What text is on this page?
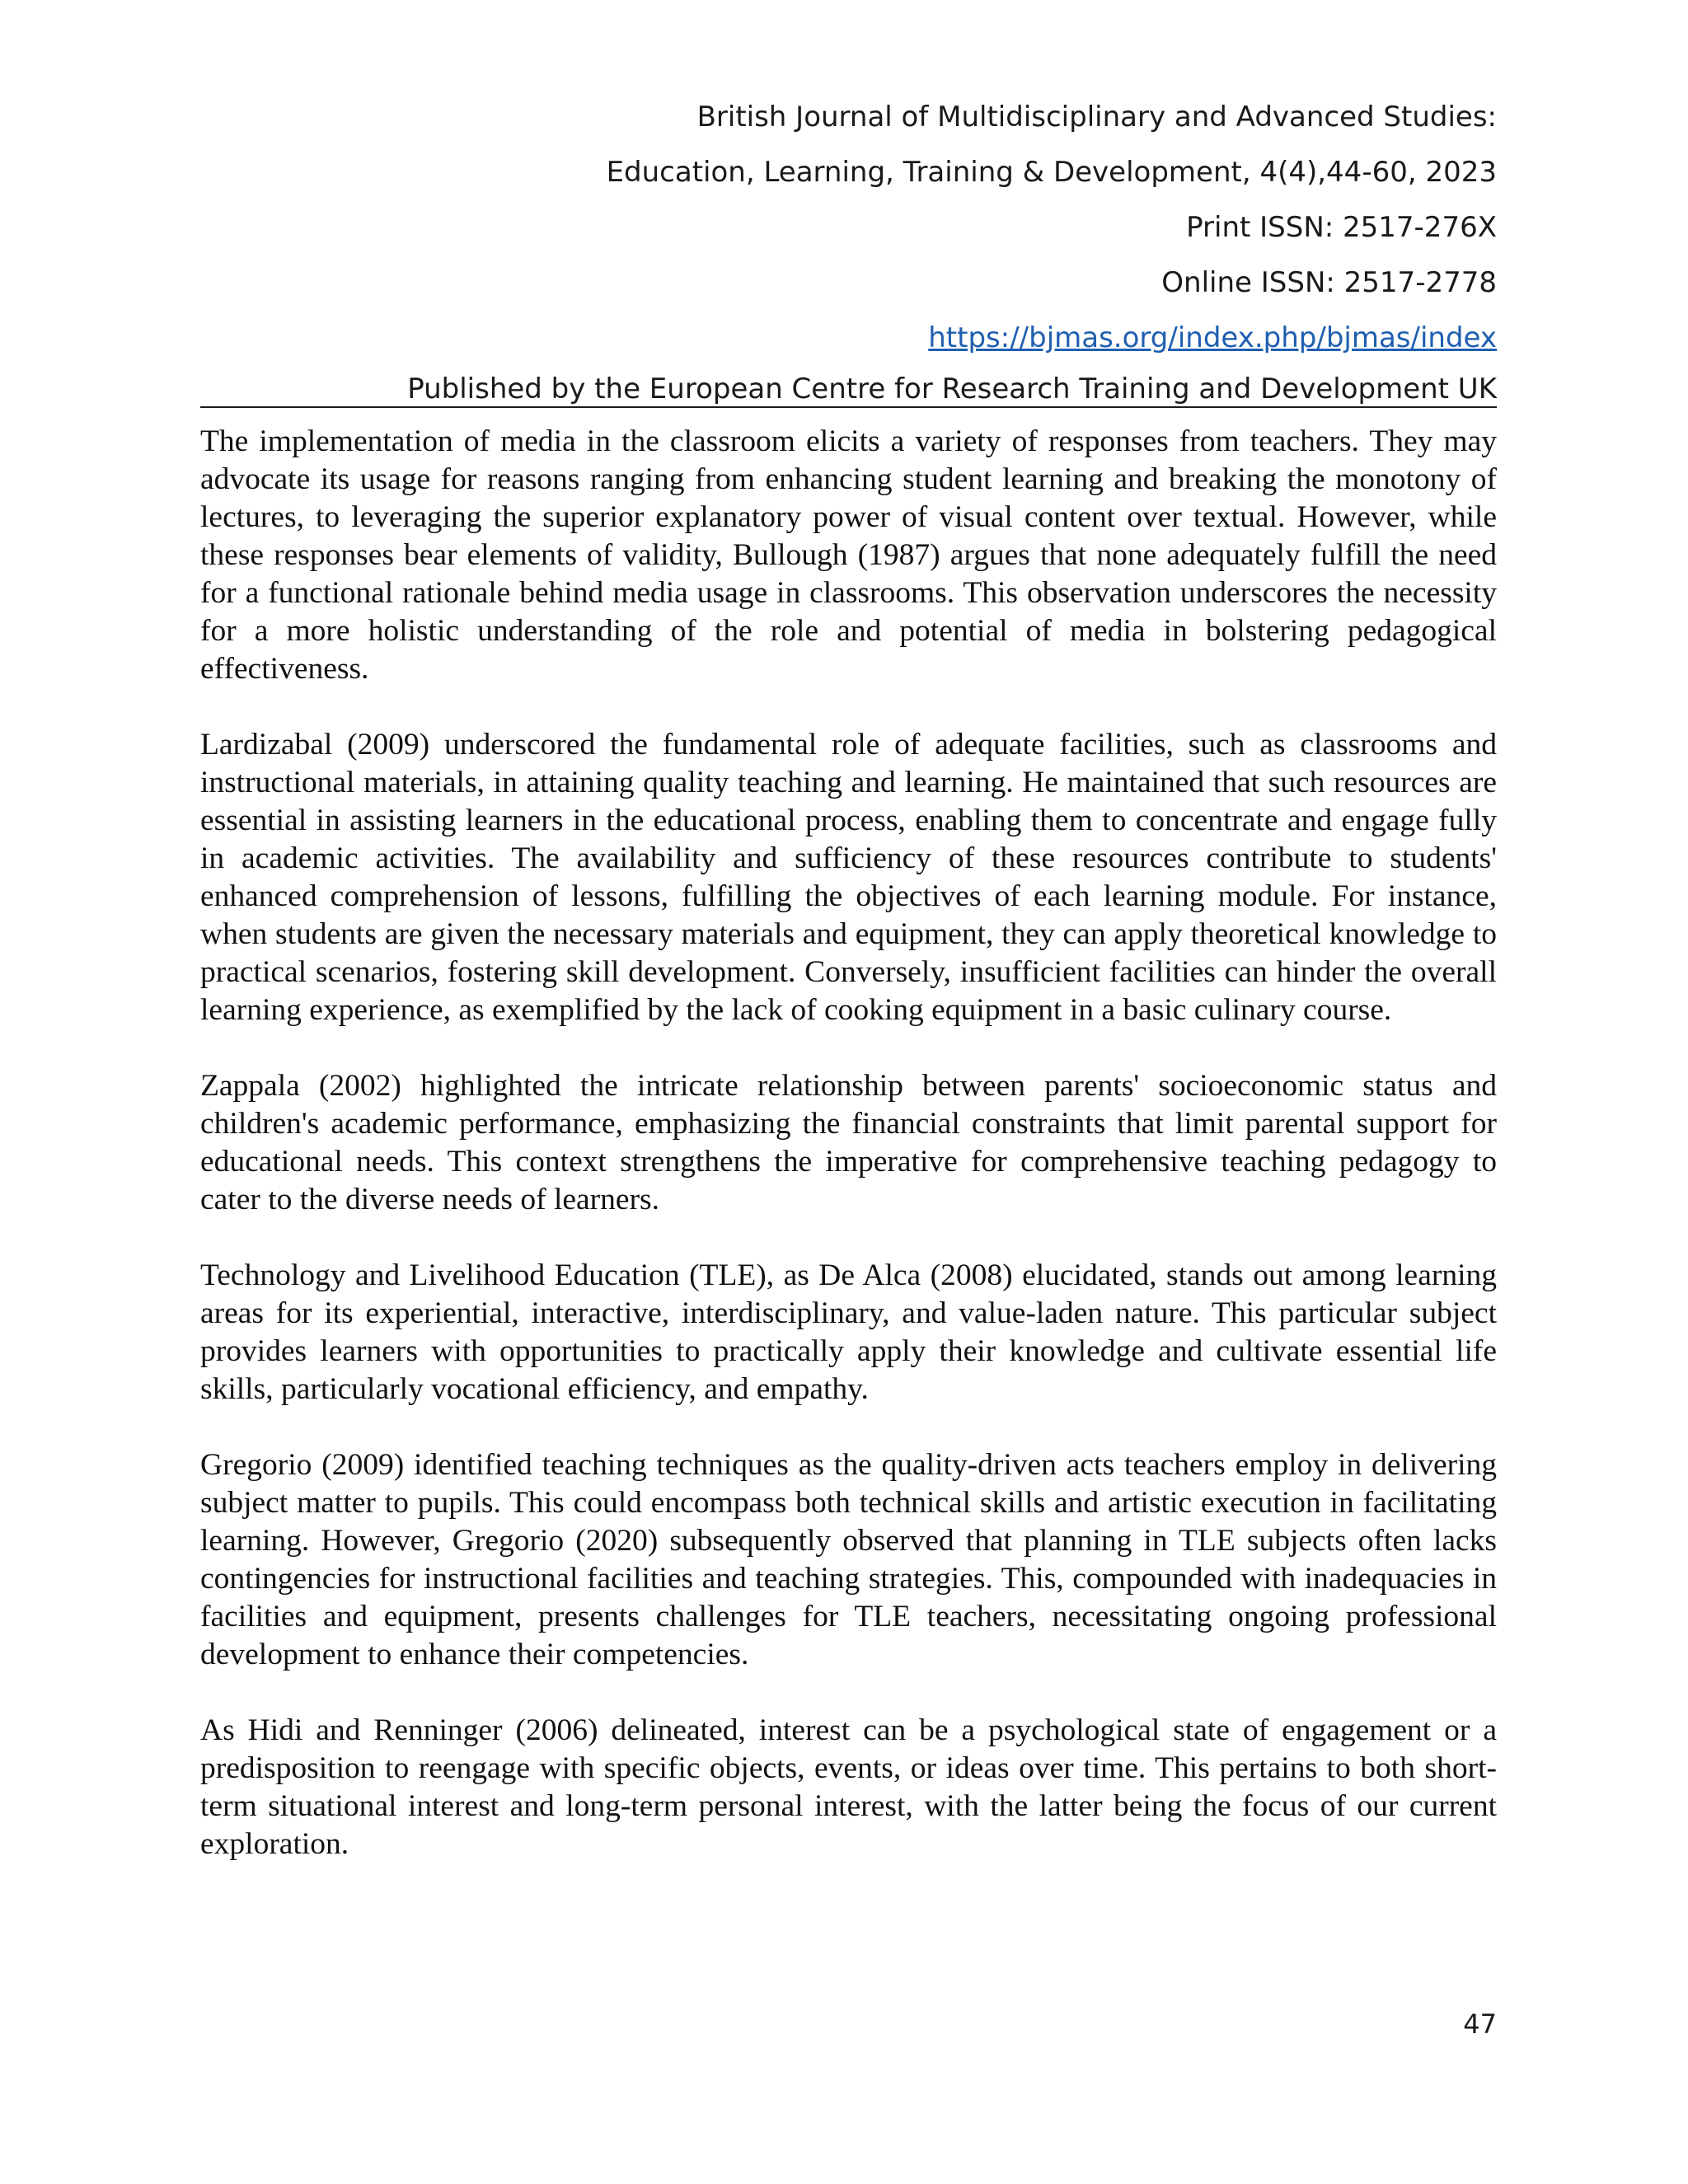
British Journal of Multidisciplinary and Advanced Studies:
Education, Learning, Training & Development, 4(4),44-60, 2023
Print ISSN: 2517-276X
Online ISSN: 2517-2778
https://bjmas.org/index.php/bjmas/index
Published by the European Centre for Research Training and Development UK

The implementation of media in the classroom elicits a variety of responses from teachers. They may advocate its usage for reasons ranging from enhancing student learning and breaking the monotony of lectures, to leveraging the superior explanatory power of visual content over textual. However, while these responses bear elements of validity, Bullough (1987) argues that none adequately fulfill the need for a functional rationale behind media usage in classrooms. This observation underscores the necessity for a more holistic understanding of the role and potential of media in bolstering pedagogical effectiveness.

Lardizabal (2009) underscored the fundamental role of adequate facilities, such as classrooms and instructional materials, in attaining quality teaching and learning. He maintained that such resources are essential in assisting learners in the educational process, enabling them to concentrate and engage fully in academic activities. The availability and sufficiency of these resources contribute to students' enhanced comprehension of lessons, fulfilling the objectives of each learning module. For instance, when students are given the necessary materials and equipment, they can apply theoretical knowledge to practical scenarios, fostering skill development. Conversely, insufficient facilities can hinder the overall learning experience, as exemplified by the lack of cooking equipment in a basic culinary course.

Zappala (2002) highlighted the intricate relationship between parents' socioeconomic status and children's academic performance, emphasizing the financial constraints that limit parental support for educational needs. This context strengthens the imperative for comprehensive teaching pedagogy to cater to the diverse needs of learners.

Technology and Livelihood Education (TLE), as De Alca (2008) elucidated, stands out among learning areas for its experiential, interactive, interdisciplinary, and value-laden nature. This particular subject provides learners with opportunities to practically apply their knowledge and cultivate essential life skills, particularly vocational efficiency, and empathy.

Gregorio (2009) identified teaching techniques as the quality-driven acts teachers employ in delivering subject matter to pupils. This could encompass both technical skills and artistic execution in facilitating learning. However, Gregorio (2020) subsequently observed that planning in TLE subjects often lacks contingencies for instructional facilities and teaching strategies. This, compounded with inadequacies in facilities and equipment, presents challenges for TLE teachers, necessitating ongoing professional development to enhance their competencies.

As Hidi and Renninger (2006) delineated, interest can be a psychological state of engagement or a predisposition to reengage with specific objects, events, or ideas over time. This pertains to both short-term situational interest and long-term personal interest, with the latter being the focus of our current exploration.

47
